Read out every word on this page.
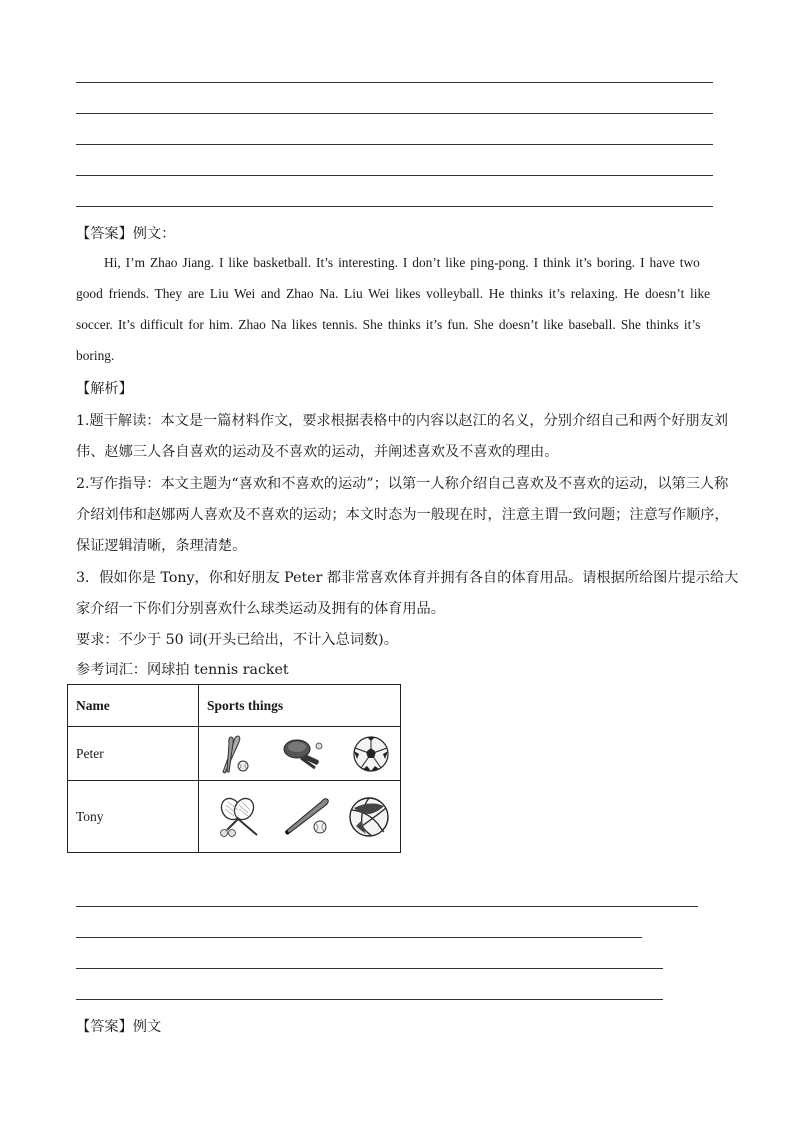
【答案】例文：
Hi, I’m Zhao Jiang. I like basketball. It’s interesting. I don’t like ping-pong. I think it’s boring. I have two
good friends. They are Liu Wei and Zhao Na. Liu Wei likes volleyball. He thinks it’s relaxing. He doesn’t like
soccer. It’s difficult for him. Zhao Na likes tennis. She thinks it’s fun. She doesn’t like baseball. She thinks it’s
boring.
【解析】
1.题干解读：本文是一篇材料作文，要求根据表格中的内容以赵江的名义，分别介绍自己和两个好朋友刘
伟、赵娜三人各自喜欢的运动及不喜欢的运动，并阐述喜欢及不喜欢的理由。
2.写作指导：本文主题为“喜欢和不喜欢的运动”；以第一人称介绍自己喜欢及不喜欢的运动，以第三人称
介绍刘伟和赵娜两人喜欢及不喜欢的运动；本文时态为一般现在时，注意主谓一致问题；注意写作顺序，
保证逻辑清晰，条理清楚。
3．假如你是 Tony，你和好朋友 Peter 都非常喜欢体育并拥有各自的体育用品。请根据所给图片提示给大
家介绍一下你们分别喜欢什么球类运动及拥有的体育用品。
要求：不少于 50 词(开头已给出，不计入总词数)。
参考词汇：网球拍 tennis racket
Name	Sports things
Peter	

Tony	
【答案】例文
